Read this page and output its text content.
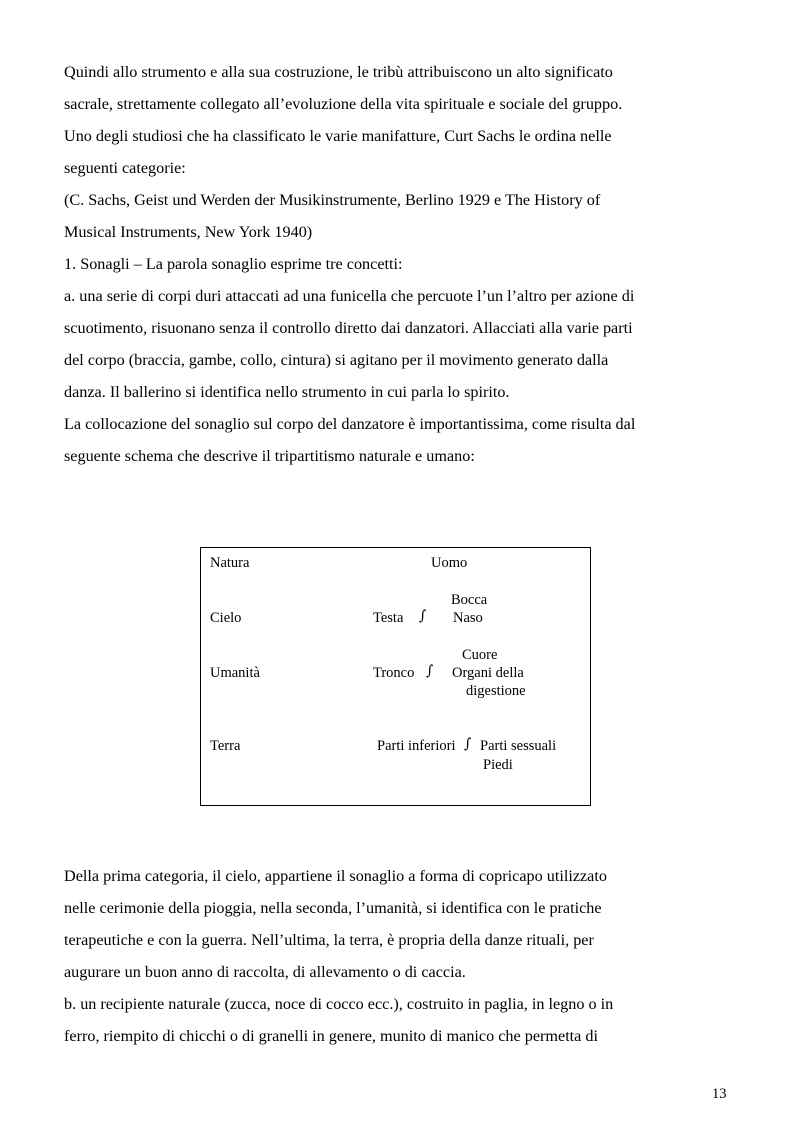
Quindi allo strumento e alla sua costruzione, le tribù attribuiscono un alto significato
sacrale, strettamente collegato all’evoluzione della vita spirituale e sociale del gruppo.
Uno degli studiosi che ha classificato le varie manifatture, Curt Sachs le ordina nelle
seguenti categorie:
(C. Sachs, Geist und Werden der Musikinstrumente, Berlino 1929 e The History of
Musical Instruments, New York 1940)
1. Sonagli – La parola sonaglio esprime tre concetti:
a. una serie di corpi duri attaccati ad una funicella che percuote l’un l’altro per azione di
scuotimento, risuonano senza il controllo diretto dai danzatori. Allacciati alla varie parti
del corpo (braccia, gambe, collo, cintura) si agitano per il movimento generato dalla
danza. Il ballerino si identifica nello strumento in cui parla lo spirito.
La collocazione del sonaglio sul corpo del danzatore è importantissima, come risulta dal
seguente schema che descrive il tripartitismo naturale e umano:
Natura	Uomo
Bocca
Cielo	Testa ∫ Naso
Cuore
Umanità	Tronco ∫ Organi della
digestione
Terra	Parti inferiori ∫ Parti sessuali
Piedi
Della prima categoria, il cielo, appartiene il sonaglio a forma di copricapo utilizzato
nelle cerimonie della pioggia, nella seconda, l’umanità, si identifica con le pratiche
terapeutiche e con la guerra. Nell’ultima, la terra, è propria della danze rituali, per
augurare un buon anno di raccolta, di allevamento o di caccia.
b. un recipiente naturale (zucca, noce di cocco ecc.), costruito in paglia, in legno o in
ferro, riempito di chicchi o di granelli in genere, munito di manico che permetta di
13
